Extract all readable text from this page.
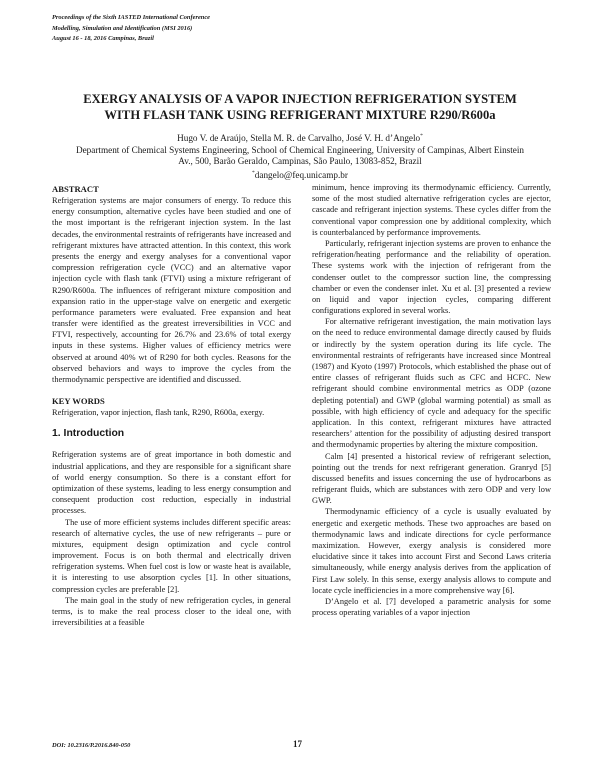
Proceedings of the Sixth IASTED International Conference
Modelling, Simulation and Identification (MSI 2016)
August 16 - 18, 2016 Campinas, Brazil
EXERGY ANALYSIS OF A VAPOR INJECTION REFRIGERATION SYSTEM
WITH FLASH TANK USING REFRIGERANT MIXTURE R290/R600a
Hugo V. de Araújo, Stella M. R. de Carvalho, José V. H. d’Angelo*
Department of Chemical Systems Engineering, School of Chemical Engineering, University of Campinas, Albert Einstein
Av., 500, Barão Geraldo, Campinas, São Paulo, 13083-852, Brazil
*dangelo@feq.unicamp.br

ABSTRACT

Refrigeration systems are major consumers of energy. To reduce this energy consumption, alternative cycles have been studied and one of the most important is the refrigerant injection system. In the last decades, the environmental restraints of refrigerants have increased and refrigerant mixtures have attracted attention. In this context, this work presents the energy and exergy analyses for a conventional vapor compression refrigeration cycle (VCC) and an alternative vapor injection cycle with flash tank (FTVI) using a mixture refrigerant of R290/R600a. The influences of refrigerant mixture composition and expansion ratio in the upper-stage valve on energetic and exergetic performance parameters were evaluated. Free expansion and heat transfer were identified as the greatest irreversibilities in VCC and FTVI, respectively, accounting for 26.7% and 23.6% of total exergy inputs in these systems. Higher values of efficiency metrics were observed at around 40% wt of R290 for both cycles. Reasons for the observed behaviors and ways to improve the cycles from the thermodynamic perspective are identified and discussed.

KEY WORDS

Refrigeration, vapor injection, flash tank, R290, R600a, exergy.

1. Introduction

Refrigeration systems are of great importance in both domestic and industrial applications, and they are responsible for a significant share of world energy consumption. So there is a constant effort for optimization of these systems, leading to less energy consumption and consequent production cost reduction, especially in industrial processes.

The use of more efficient systems includes different specific areas: research of alternative cycles, the use of new refrigerants – pure or mixtures, equipment design optimization and cycle control improvement. Focus is on both thermal and electrically driven refrigeration systems. When fuel cost is low or waste heat is available, it is interesting to use absorption cycles [1]. In other situations, compression cycles are preferable [2].

The main goal in the study of new refrigeration cycles, in general terms, is to make the real process closer to the ideal one, with irreversibilities at a feasible

minimum, hence improving its thermodynamic efficiency. Currently, some of the most studied alternative refrigeration cycles are ejector, cascade and refrigerant injection systems. These cycles differ from the conventional vapor compression one by additional complexity, which is counterbalanced by performance improvements.

Particularly, refrigerant injection systems are proven to enhance the refrigeration/heating performance and the reliability of operation. These systems work with the injection of refrigerant from the condenser outlet to the compressor suction line, the compressing chamber or even the condenser inlet. Xu et al. [3] presented a review on liquid and vapor injection cycles, comparing different configurations explored in several works.

For alternative refrigerant investigation, the main motivation lays on the need to reduce environmental damage directly caused by fluids or indirectly by the system operation during its life cycle. The environmental restraints of refrigerants have increased since Montreal (1987) and Kyoto (1997) Protocols, which established the phase out of entire classes of refrigerant fluids such as CFC and HCFC. New refrigerant should combine environmental metrics as ODP (ozone depleting potential) and GWP (global warming potential) as small as possible, with high efficiency of cycle and adequacy for the specific application. In this context, refrigerant mixtures have attracted researchers’ attention for the possibility of adjusting desired transport and thermodynamic properties by altering the mixture composition.

Calm [4] presented a historical review of refrigerant selection, pointing out the trends for next refrigerant generation. Granryd [5] discussed benefits and issues concerning the use of hydrocarbons as refrigerant fluids, which are substances with zero ODP and very low GWP.

Thermodynamic efficiency of a cycle is usually evaluated by energetic and exergetic methods. These two approaches are based on thermodynamic laws and indicate directions for cycle performance maximization. However, exergy analysis is considered more elucidative since it takes into account First and Second Laws criteria simultaneously, while energy analysis derives from the application of First Law solely. In this sense, exergy analysis allows to compute and locate cycle inefficiencies in a more comprehensive way [6].

D’Angelo et al. [7] developed a parametric analysis for some process operating variables of a vapor injection

DOI: 10.2316/P.2016.840-050	17
